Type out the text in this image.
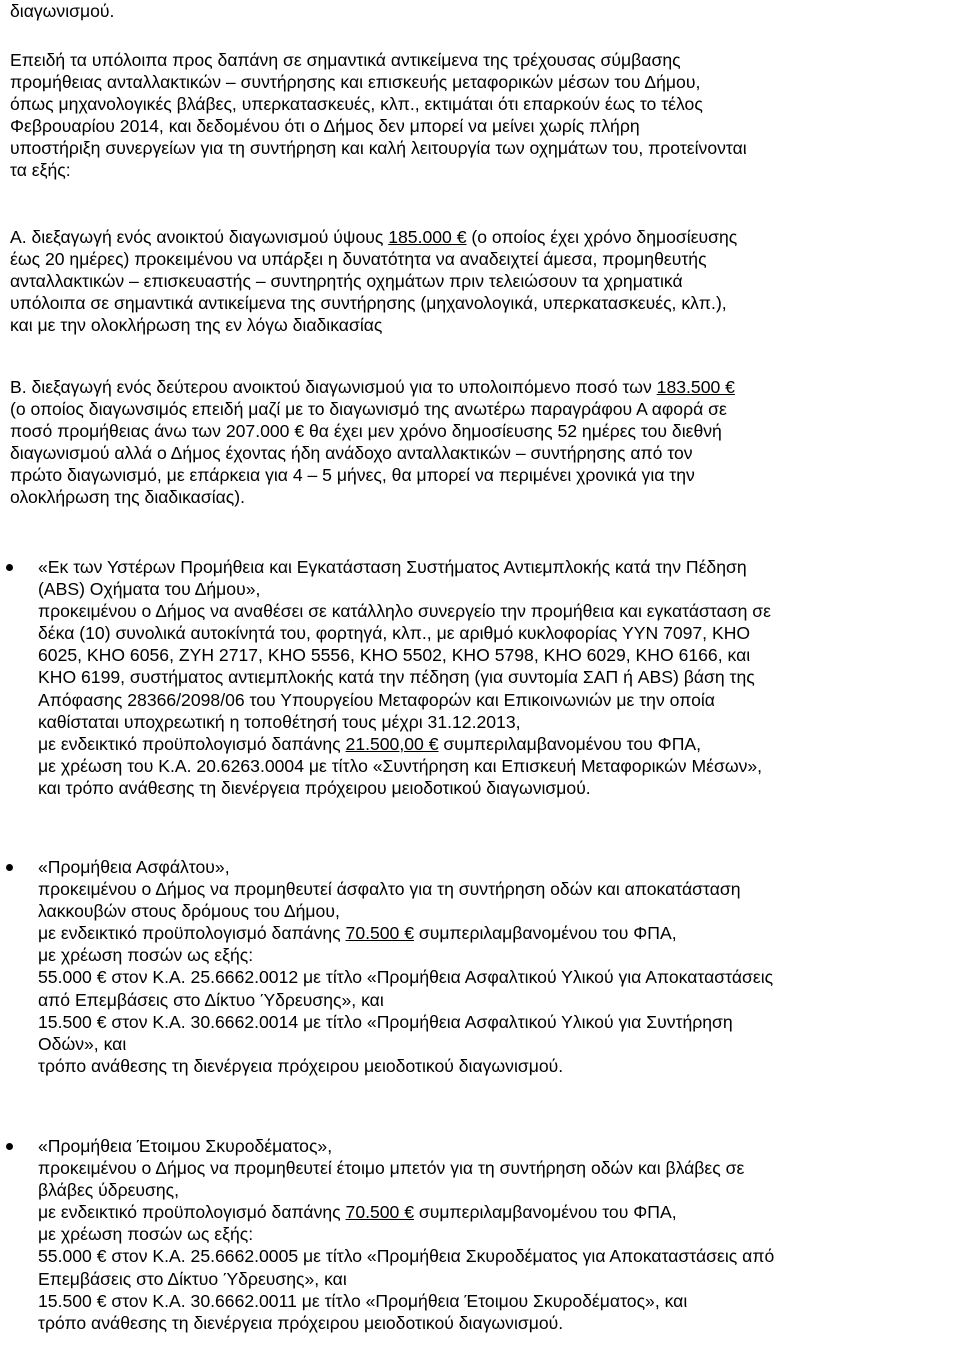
διαγωνισμού.
Επειδή τα υπόλοιπα προς δαπάνη σε σημαντικά αντικείμενα της τρέχουσας σύμβασης
προμήθειας ανταλλακτικών – συντήρησης και επισκευής μεταφορικών μέσων του Δήμου,
όπως μηχανολογικές βλάβες, υπερκατασκευές, κλπ., εκτιμάται ότι επαρκούν έως το τέλος
Φεβρουαρίου 2014, και δεδομένου ότι ο Δήμος δεν μπορεί να μείνει χωρίς πλήρη
υποστήριξη συνεργείων για τη συντήρηση και καλή λειτουργία των οχημάτων του, προτείνονται
τα εξής:
Α. διεξαγωγή ενός ανοικτού διαγωνισμού ύψους 185.000 € (ο οποίος έχει χρόνο δημοσίευσης
έως 20 ημέρες) προκειμένου να υπάρξει η δυνατότητα να αναδειχτεί άμεσα, προμηθευτής
ανταλλακτικών – επισκευαστής – συντηρητής οχημάτων πριν τελειώσουν τα χρηματικά
υπόλοιπα σε σημαντικά αντικείμενα της συντήρησης (μηχανολογικά, υπερκατασκευές, κλπ.),
και με την ολοκλήρωση της εν λόγω διαδικασίας
Β. διεξαγωγή ενός δεύτερου ανοικτού διαγωνισμού για το υπολοιπόμενο ποσό των 183.500 €
(ο οποίος διαγωνσιμός επειδή μαζί με το διαγωνισμό της ανωτέρω παραγράφου Α αφορά σε
ποσό προμήθειας άνω των 207.000 € θα έχει μεν χρόνο δημοσίευσης 52 ημέρες του διεθνή
διαγωνισμού αλλά ο Δήμος έχοντας ήδη ανάδοχο ανταλλακτικών – συντήρησης από τον
πρώτο διαγωνισμό, με επάρκεια για 4 – 5 μήνες, θα μπορεί να περιμένει χρονικά για την
ολοκλήρωση της διαδικασίας).
«Εκ των Υστέρων Προμήθεια και Εγκατάσταση Συστήματος Αντιεμπλοκής κατά την Πέδηση
(ABS) Οχήματα του Δήμου»,
προκειμένου ο Δήμος να αναθέσει σε κατάλληλο συνεργείο την προμήθεια και εγκατάσταση σε
δέκα (10) συνολικά αυτοκίνητά του, φορτηγά, κλπ., με αριθμό κυκλοφορίας ΥΥΝ 7097, ΚΗΟ
6025, ΚΗΟ 6056, ΖΥΗ 2717, ΚΗΟ 5556, ΚΗΟ 5502, ΚΗΟ 5798, ΚΗΟ 6029, ΚΗΟ 6166, και
ΚΗΟ 6199, συστήματος αντιεμπλοκής κατά την πέδηση (για συντομία ΣΑΠ ή ABS) βάση της
Απόφασης 28366/2098/06 του Υπουργείου Μεταφορών και Επικοινωνιών με την οποία
καθίσταται υποχρεωτική η τοποθέτησή τους μέχρι 31.12.2013,
με ενδεικτικό προϋπολογισμό δαπάνης 21.500,00 € συμπεριλαμβανομένου του ΦΠΑ,
με χρέωση του Κ.Α. 20.6263.0004 με τίτλο «Συντήρηση και Επισκευή Μεταφορικών Μέσων»,
και τρόπο ανάθεσης τη διενέργεια πρόχειρου μειοδοτικού διαγωνισμού.
«Προμήθεια Ασφάλτου»,
προκειμένου ο Δήμος να προμηθευτεί άσφαλτο για τη συντήρηση οδών και αποκατάσταση
λακκουβών στους δρόμους του Δήμου,
με ενδεικτικό προϋπολογισμό δαπάνης 70.500 € συμπεριλαμβανομένου του ΦΠΑ,
με χρέωση ποσών ως εξής:
55.000 € στον Κ.Α. 25.6662.0012 με τίτλο «Προμήθεια Ασφαλτικού Υλικού για Αποκαταστάσεις
από Επεμβάσεις στο Δίκτυο Ύδρευσης», και
15.500 € στον Κ.Α. 30.6662.0014 με τίτλο «Προμήθεια Ασφαλτικού Υλικού για Συντήρηση
Οδών», και
τρόπο ανάθεσης τη διενέργεια πρόχειρου μειοδοτικού διαγωνισμού.
«Προμήθεια Έτοιμου Σκυροδέματος»,
προκειμένου ο Δήμος να προμηθευτεί έτοιμο μπετόν για τη συντήρηση οδών και βλάβες σε
βλάβες ύδρευσης,
με ενδεικτικό προϋπολογισμό δαπάνης 70.500 € συμπεριλαμβανομένου του ΦΠΑ,
με χρέωση ποσών ως εξής:
55.000 € στον Κ.Α. 25.6662.0005 με τίτλο «Προμήθεια Σκυροδέματος για Αποκαταστάσεις από
Επεμβάσεις στο Δίκτυο Ύδρευσης», και
15.500 € στον Κ.Α. 30.6662.0011 με τίτλο «Προμήθεια Έτοιμου Σκυροδέματος», και
τρόπο ανάθεσης τη διενέργεια πρόχειρου μειοδοτικού διαγωνισμού.
